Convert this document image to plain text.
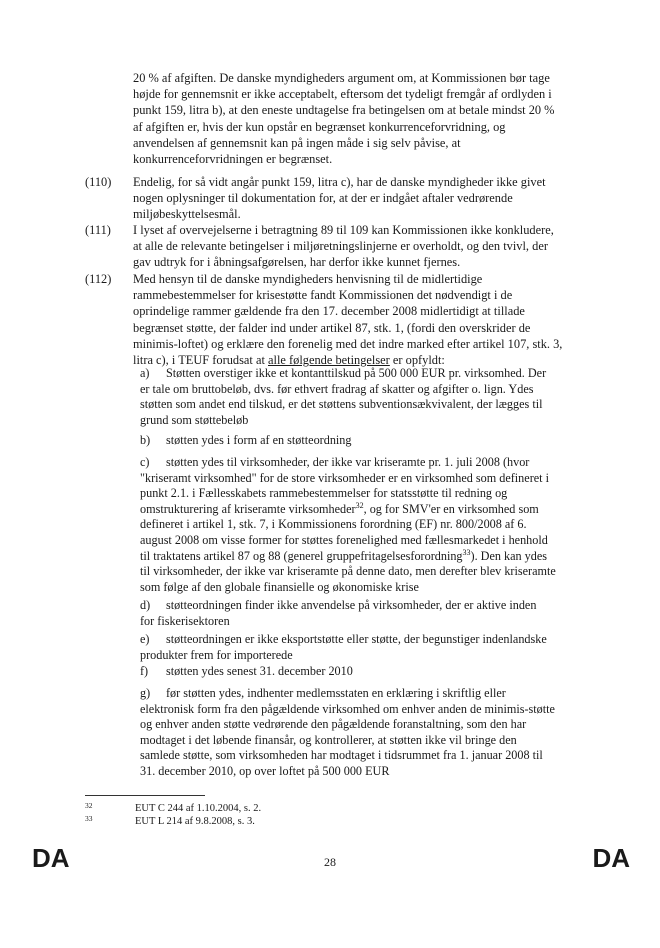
20 % af afgiften. De danske myndigheders argument om, at Kommissionen bør tage
højde for gennemsnit er ikke acceptabelt, eftersom det tydeligt fremgår af ordlyden i
punkt 159, litra b), at den eneste undtagelse fra betingelsen om at betale mindst 20 %
af afgiften er, hvis der kun opstår en begrænset konkurrenceforvridning, og
anvendelsen af gennemsnit kan på ingen måde i sig selv påvise, at
konkurrenceforvridningen er begrænset.
(110) Endelig, for så vidt angår punkt 159, litra c), har de danske myndigheder ikke givet
nogen oplysninger til dokumentation for, at der er indgået aftaler vedrørende
miljøbeskyttelsesmål.
(111) I lyset af overvejelserne i betragtning 89 til 109 kan Kommissionen ikke konkludere,
at alle de relevante betingelser i miljøretningslinjerne er overholdt, og den tvivl, der
gav udtryk for i åbningsafgørelsen, har derfor ikke kunnet fjernes.
(112) Med hensyn til de danske myndigheders henvisning til de midlertidige
rammebestemmelser for krisestøtte fandt Kommissionen det nødvendigt i de
oprindelige rammer gældende fra den 17. december 2008 midlertidigt at tillade
begrænset støtte, der falder ind under artikel 87, stk. 1, (fordi den overskrider de
minimis-loftet) og erklære den forenelig med det indre marked efter artikel 107, stk. 3,
litra c), i TEUF forudsat at alle følgende betingelser er opfyldt:
a) Støtten overstiger ikke et kontanttilskud på 500 000 EUR pr. virksomhed. Der
er tale om bruttobeløb, dvs. før ethvert fradrag af skatter og afgifter o. lign. Ydes
støtten som andet end tilskud, er det støttens subventionsækvivalent, der lægges til
grund som støttebeløb
b) støtten ydes i form af en støtteordning
c) støtten ydes til virksomheder, der ikke var kriseramte pr. 1. juli 2008 (hvor
"kriseramt virksomhed" for de store virksomheder er en virksomhed som defineret i
punkt 2.1. i Fællesskabets rammebestemmelser for statsstøtte til redning og
omstrukturering af kriseramte virksomheder$^{32}$, og for SMV'er en virksomhed som
defineret i artikel 1, stk. 7, i Kommissionens forordning (EF) nr. 800/2008 af 6.
august 2008 om visse former for støttes forenelighed med fællesmarkedet i henhold
til traktatens artikel 87 og 88 (generel gruppefritagelsesforordning$^{33}$). Den kan ydes
til virksomheder, der ikke var kriseramte på denne dato, men derefter blev kriseramte
som følge af den globale finansielle og økonomiske krise
d) støtteordningen finder ikke anvendelse på virksomheder, der er aktive inden
for fiskerisektoren
e) støtteordningen er ikke eksportstøtte eller støtte, der begunstiger indenlandske
produkter frem for importerede
f) støtten ydes senest 31. december 2010
g) før støtten ydes, indhenter medlemsstaten en erklæring i skriftlig eller
elektronisk form fra den pågældende virksomhed om enhver anden de minimis-støtte
og enhver anden støtte vedrørende den pågældende foranstaltning, som den har
modtaget i det løbende finansår, og kontrollerer, at støtten ikke vil bringe den
samlede støtte, som virksomheden har modtaget i tidsrummet fra 1. januar 2008 til
31. december 2010, op over loftet på 500 000 EUR
32	EUT C 244 af 1.10.2004, s. 2.
33	EUT L 214 af 9.8.2008, s. 3.
DA	28	DA
